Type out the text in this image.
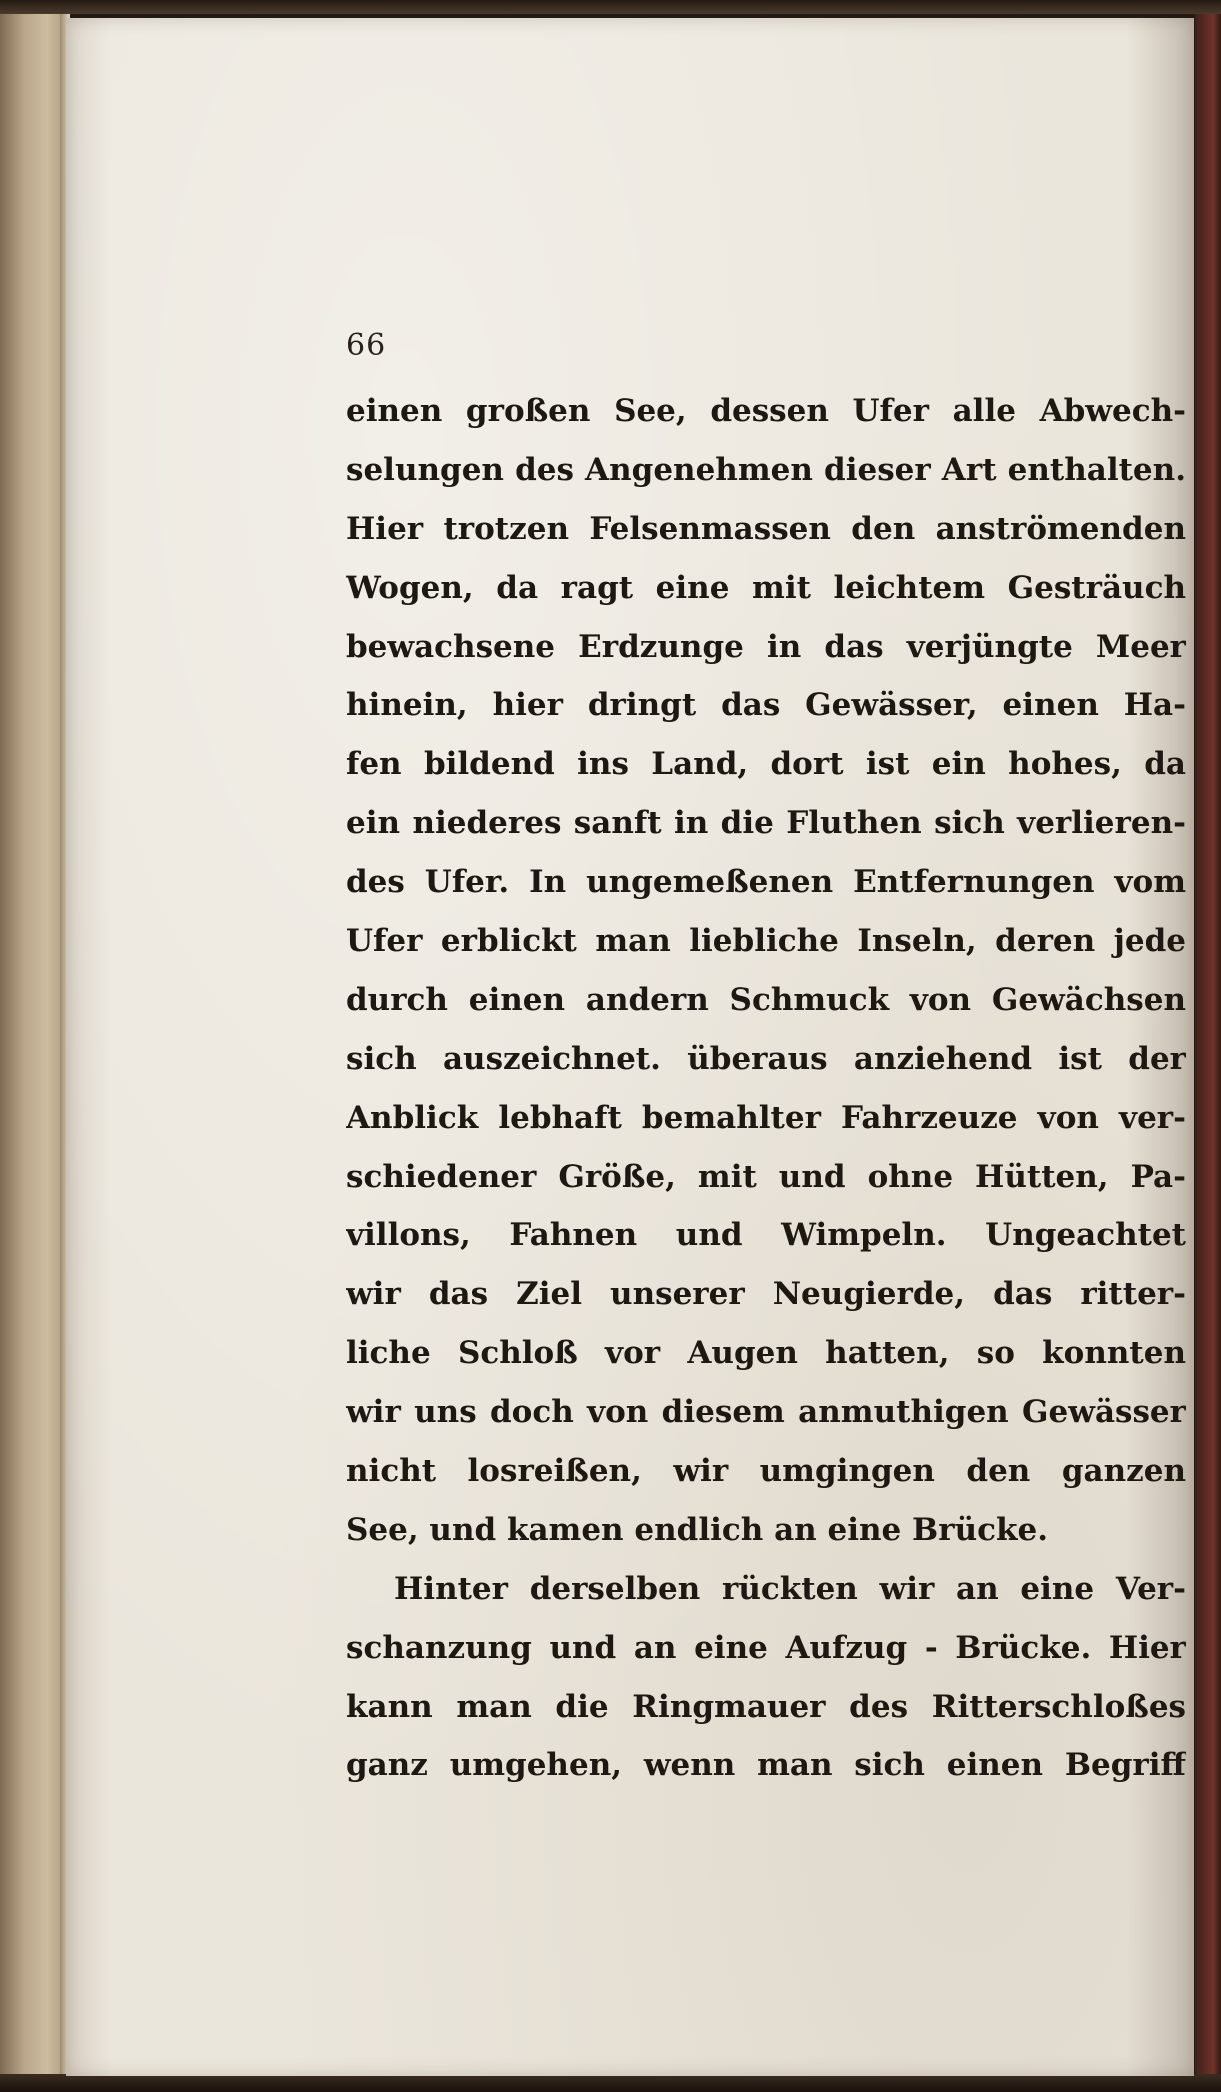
66
einen großen See, dessen Ufer alle Abwech-
selungen des Angenehmen dieser Art enthalten.
Hier trotzen Felsenmassen den anströmenden
Wogen, da ragt eine mit leichtem Gesträuch
bewachsene Erdzunge in das verjüngte Meer
hinein, hier dringt das Gewässer, einen Ha-
fen bildend ins Land, dort ist ein hohes, da
ein niederes sanft in die Fluthen sich verlieren-
des Ufer. In ungemeßenen Entfernungen vom
Ufer erblickt man liebliche Inseln, deren jede
durch einen andern Schmuck von Gewächsen
sich auszeichnet. überaus anziehend ist der
Anblick lebhaft bemahlter Fahrzeuze von ver-
schiedener Größe, mit und ohne Hütten, Pa-
villons, Fahnen und Wimpeln. Ungeachtet
wir das Ziel unserer Neugierde, das ritter-
liche Schloß vor Augen hatten, so konnten
wir uns doch von diesem anmuthigen Gewässer
nicht losreißen, wir umgingen den ganzen
See, und kamen endlich an eine Brücke.
Hinter derselben rückten wir an eine Ver-
schanzung und an eine Aufzug - Brücke. Hier
kann man die Ringmauer des Ritterschloßes
ganz umgehen, wenn man sich einen Begriff
